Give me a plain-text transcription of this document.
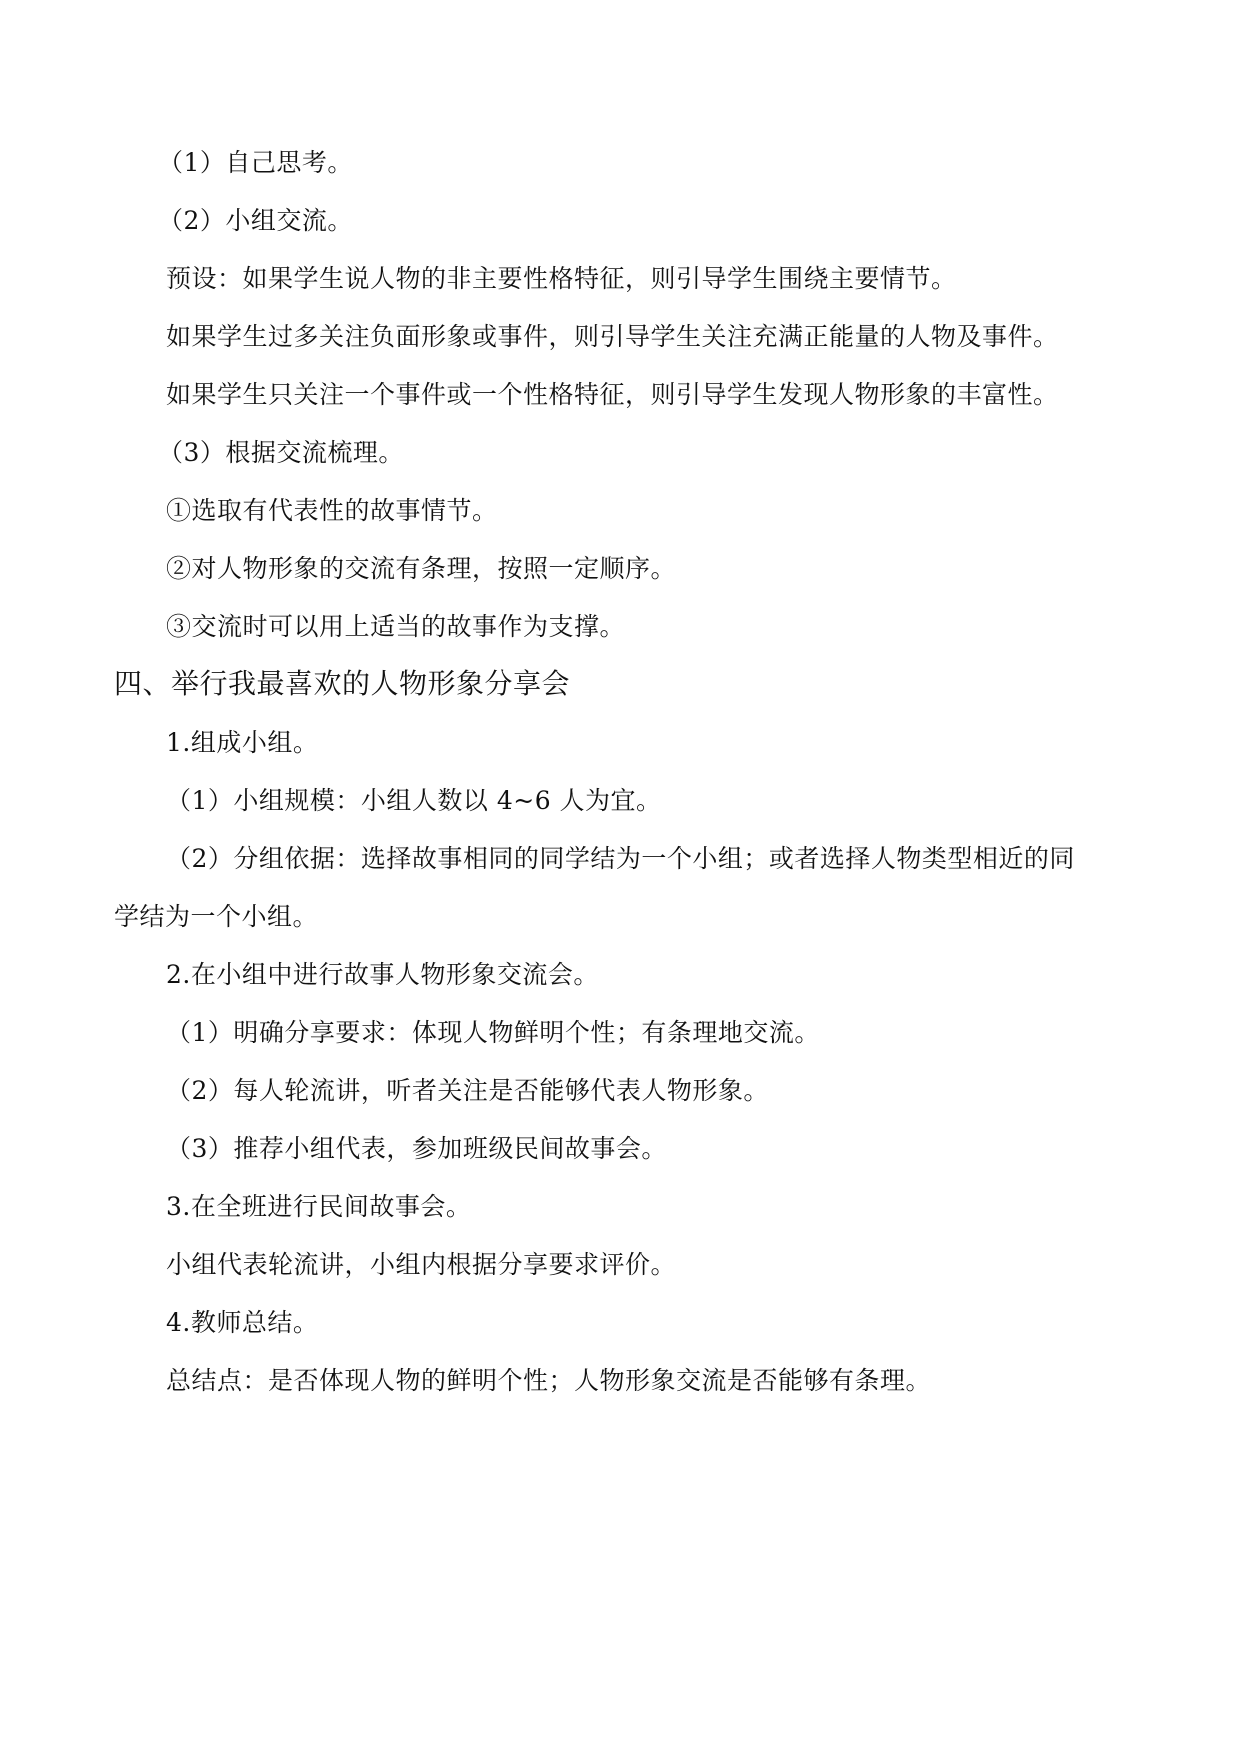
（1）自己思考。

（2）小组交流。

预设：如果学生说人物的非主要性格特征，则引导学生围绕主要情节。

如果学生过多关注负面形象或事件，则引导学生关注充满正能量的人物及事件。

如果学生只关注一个事件或一个性格特征，则引导学生发现人物形象的丰富性。

（3）根据交流梳理。

①选取有代表性的故事情节。

②对人物形象的交流有条理，按照一定顺序。

③交流时可以用上适当的故事作为支撑。

四、举行我最喜欢的人物形象分享会

1.组成小组。

（1）小组规模：小组人数以 4~6 人为宜。

（2）分组依据：选择故事相同的同学结为一个小组；或者选择人物类型相近的同

学结为一个小组。

2.在小组中进行故事人物形象交流会。

（1）明确分享要求：体现人物鲜明个性；有条理地交流。

（2）每人轮流讲，听者关注是否能够代表人物形象。

（3）推荐小组代表，参加班级民间故事会。

3.在全班进行民间故事会。

小组代表轮流讲，小组内根据分享要求评价。

4.教师总结。

总结点：是否体现人物的鲜明个性；人物形象交流是否能够有条理。
